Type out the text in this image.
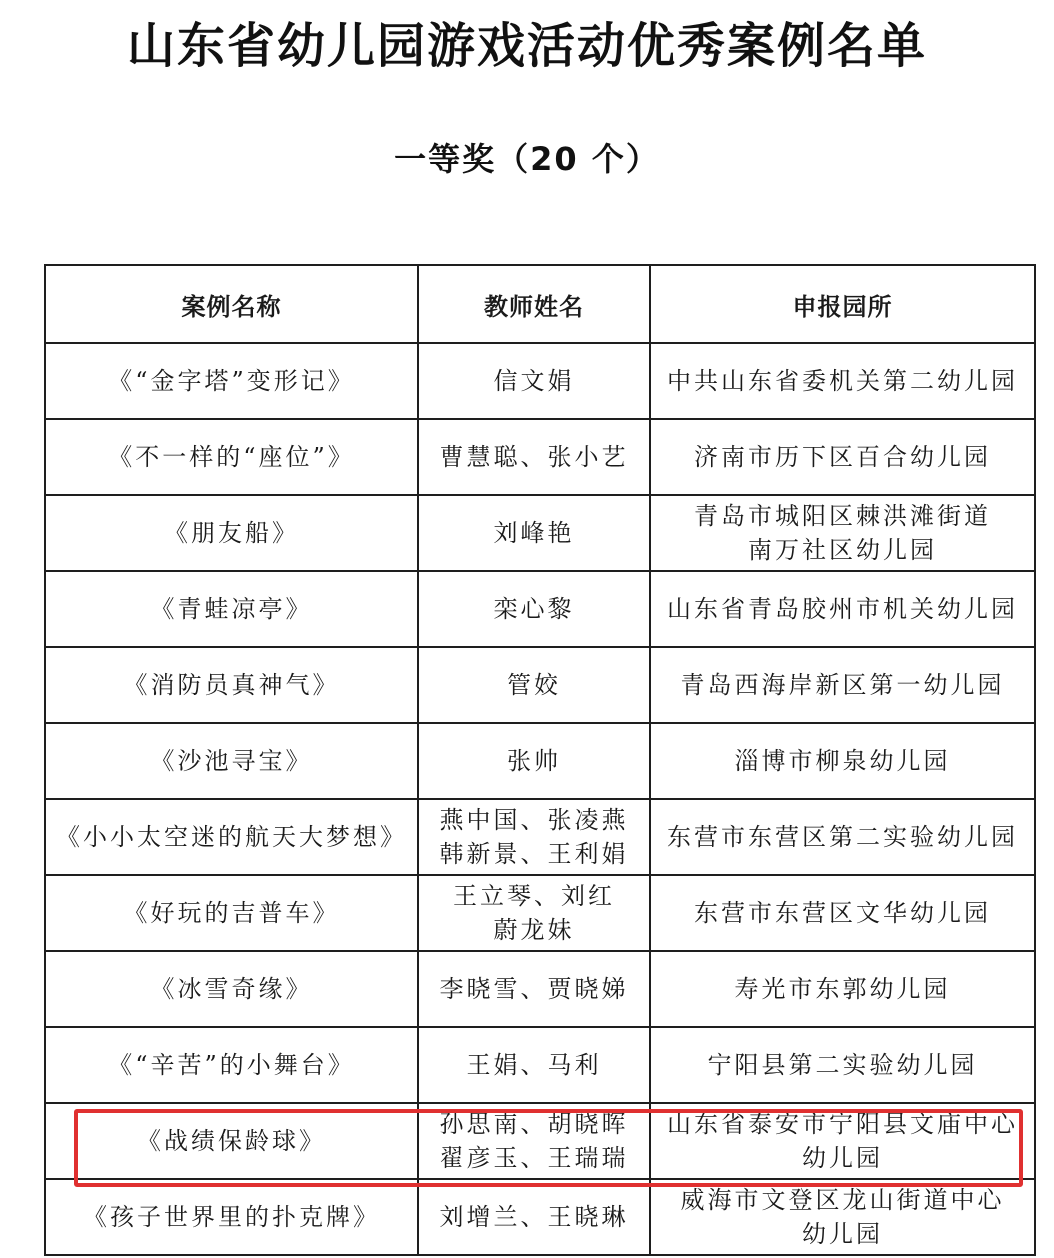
山东省幼儿园游戏活动优秀案例名单
一等奖（20 个）
案例名称	教师姓名	申报园所
《“金字塔”变形记》	信文娟	中共山东省委机关第二幼儿园

《不一样的“座位”》	曹慧聪、张小艺	济南市历下区百合幼儿园

《朋友船》	刘峰艳	青岛市城阳区棘洪滩街道
南万社区幼儿园

《青蛙凉亭》	栾心黎	山东省青岛胶州市机关幼儿园

《消防员真神气》	管姣	青岛西海岸新区第一幼儿园

《沙池寻宝》	张帅	淄博市柳泉幼儿园

《小小太空迷的航天大梦想》	燕中国、张凌燕
韩新景、王利娟	东营市东营区第二实验幼儿园

《好玩的吉普车》	王立琴、刘红
蔚龙妹	东营市东营区文华幼儿园

《冰雪奇缘》	李晓雪、贾晓娣	寿光市东郭幼儿园

《“辛苦”的小舞台》	王娟、马利	宁阳县第二实验幼儿园

《战绩保龄球》	孙思南、胡晓晖
翟彦玉、王瑞瑞	山东省泰安市宁阳县文庙中心
幼儿园

《孩子世界里的扑克牌》	刘增兰、王晓琳	威海市文登区龙山街道中心
幼儿园
